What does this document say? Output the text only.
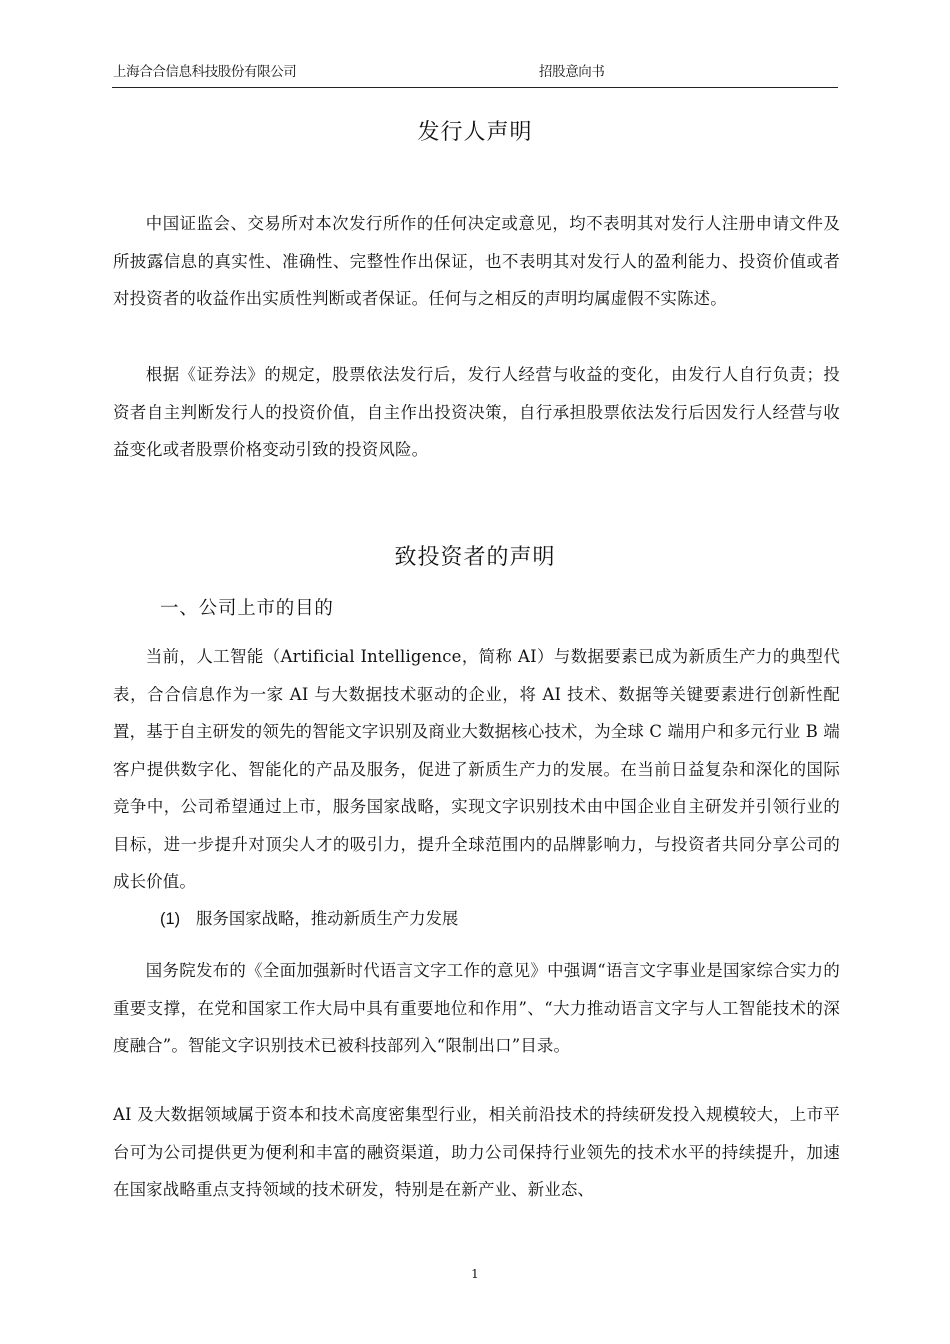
上海合合信息科技股份有限公司	招股意向书
发行人声明

中国证监会、交易所对本次发行所作的任何决定或意见，均不表明其对发行人注册申请文件及所披露信息的真实性、准确性、完整性作出保证，也不表明其对发行人的盈利能力、投资价值或者对投资者的收益作出实质性判断或者保证。任何与之相反的声明均属虚假不实陈述。

根据《证券法》的规定，股票依法发行后，发行人经营与收益的变化，由发行人自行负责；投资者自主判断发行人的投资价值，自主作出投资决策，自行承担股票依法发行后因发行人经营与收益变化或者股票价格变动引致的投资风险。

致投资者的声明
一、公司上市的目的

当前，人工智能（Artificial Intelligence，简称 AI）与数据要素已成为新质生产力的典型代表，合合信息作为一家 AI 与大数据技术驱动的企业，将 AI 技术、数据等关键要素进行创新性配置，基于自主研发的领先的智能文字识别及商业大数据核心技术，为全球 C 端用户和多元行业 B 端客户提供数字化、智能化的产品及服务，促进了新质生产力的发展。在当前日益复杂和深化的国际竞争中，公司希望通过上市，服务国家战略，实现文字识别技术由中国企业自主研发并引领行业的目标，进一步提升对顶尖人才的吸引力，提升全球范围内的品牌影响力，与投资者共同分享公司的成长价值。

(1) 服务国家战略，推动新质生产力发展

国务院发布的《全面加强新时代语言文字工作的意见》中强调“语言文字事业是国家综合实力的重要支撑，在党和国家工作大局中具有重要地位和作用”、“大力推动语言文字与人工智能技术的深度融合”。智能文字识别技术已被科技部列入“限制出口”目录。

AI 及大数据领域属于资本和技术高度密集型行业，相关前沿技术的持续研发投入规模较大，上市平台可为公司提供更为便利和丰富的融资渠道，助力公司保持行业领先的技术水平的持续提升，加速在国家战略重点支持领域的技术研发，特别是在新产业、新业态、

1
